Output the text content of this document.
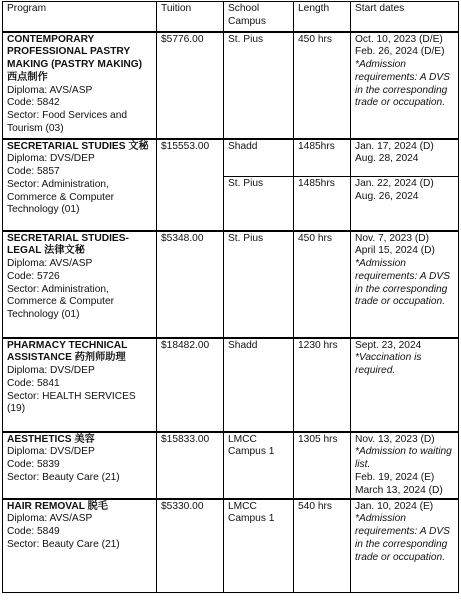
Program	Tuition	School Campus	Length	Start dates

CONTEMPORARY PROFESSIONAL PASTRY MAKING (PASTRY MAKING) 西点制作
Diploma: AVS/ASP
Code: 5842
Sector: Food Services and Tourism (03)	$5776.00	St. Pius	450 hrs	Oct. 10, 2023 (D/E)
Feb. 26, 2024 (D/E)
*Admission requirements: A DVS in the corresponding trade or occupation.

SECRETARIAL STUDIES 文秘
Diploma: DVS/DEP
Code: 5857
Sector: Administration, Commerce & Computer Technology (01)	$15553.00	Shadd	1485hrs	Jan. 17, 2024 (D)
Aug. 28, 2024

		St. Pius	1485hrs	Jan. 22, 2024 (D)
Aug. 26, 2024

SECRETARIAL STUDIES-LEGAL 法律文秘
Diploma: AVS/ASP
Code: 5726
Sector: Administration, Commerce & Computer Technology (01)	$5348.00	St. Pius	450 hrs	Nov. 7, 2023 (D)
April 15, 2024 (D)
*Admission requirements: A DVS in the corresponding trade or occupation.

PHARMACY TECHNICAL ASSISTANCE 药剂师助理
Diploma: DVS/DEP
Code: 5841
Sector: HEALTH SERVICES (19)	$18482.00	Shadd	1230 hrs	Sept. 23, 2024
*Vaccination is required.

AESTHETICS 美容
Diploma: DVS/DEP
Code: 5839
Sector: Beauty Care (21)	$15833.00	LMCC Campus 1	1305 hrs	Nov. 13, 2023 (D)
*Admission to waiting list.
Feb. 19, 2024 (E)
March 13, 2024 (D)

HAIR REMOVAL 脱毛
Diploma: AVS/ASP
Code: 5849
Sector: Beauty Care (21)	$5330.00	LMCC Campus 1	540 hrs	Jan. 10, 2024 (E)
*Admission requirements: A DVS in the corresponding trade or occupation.
